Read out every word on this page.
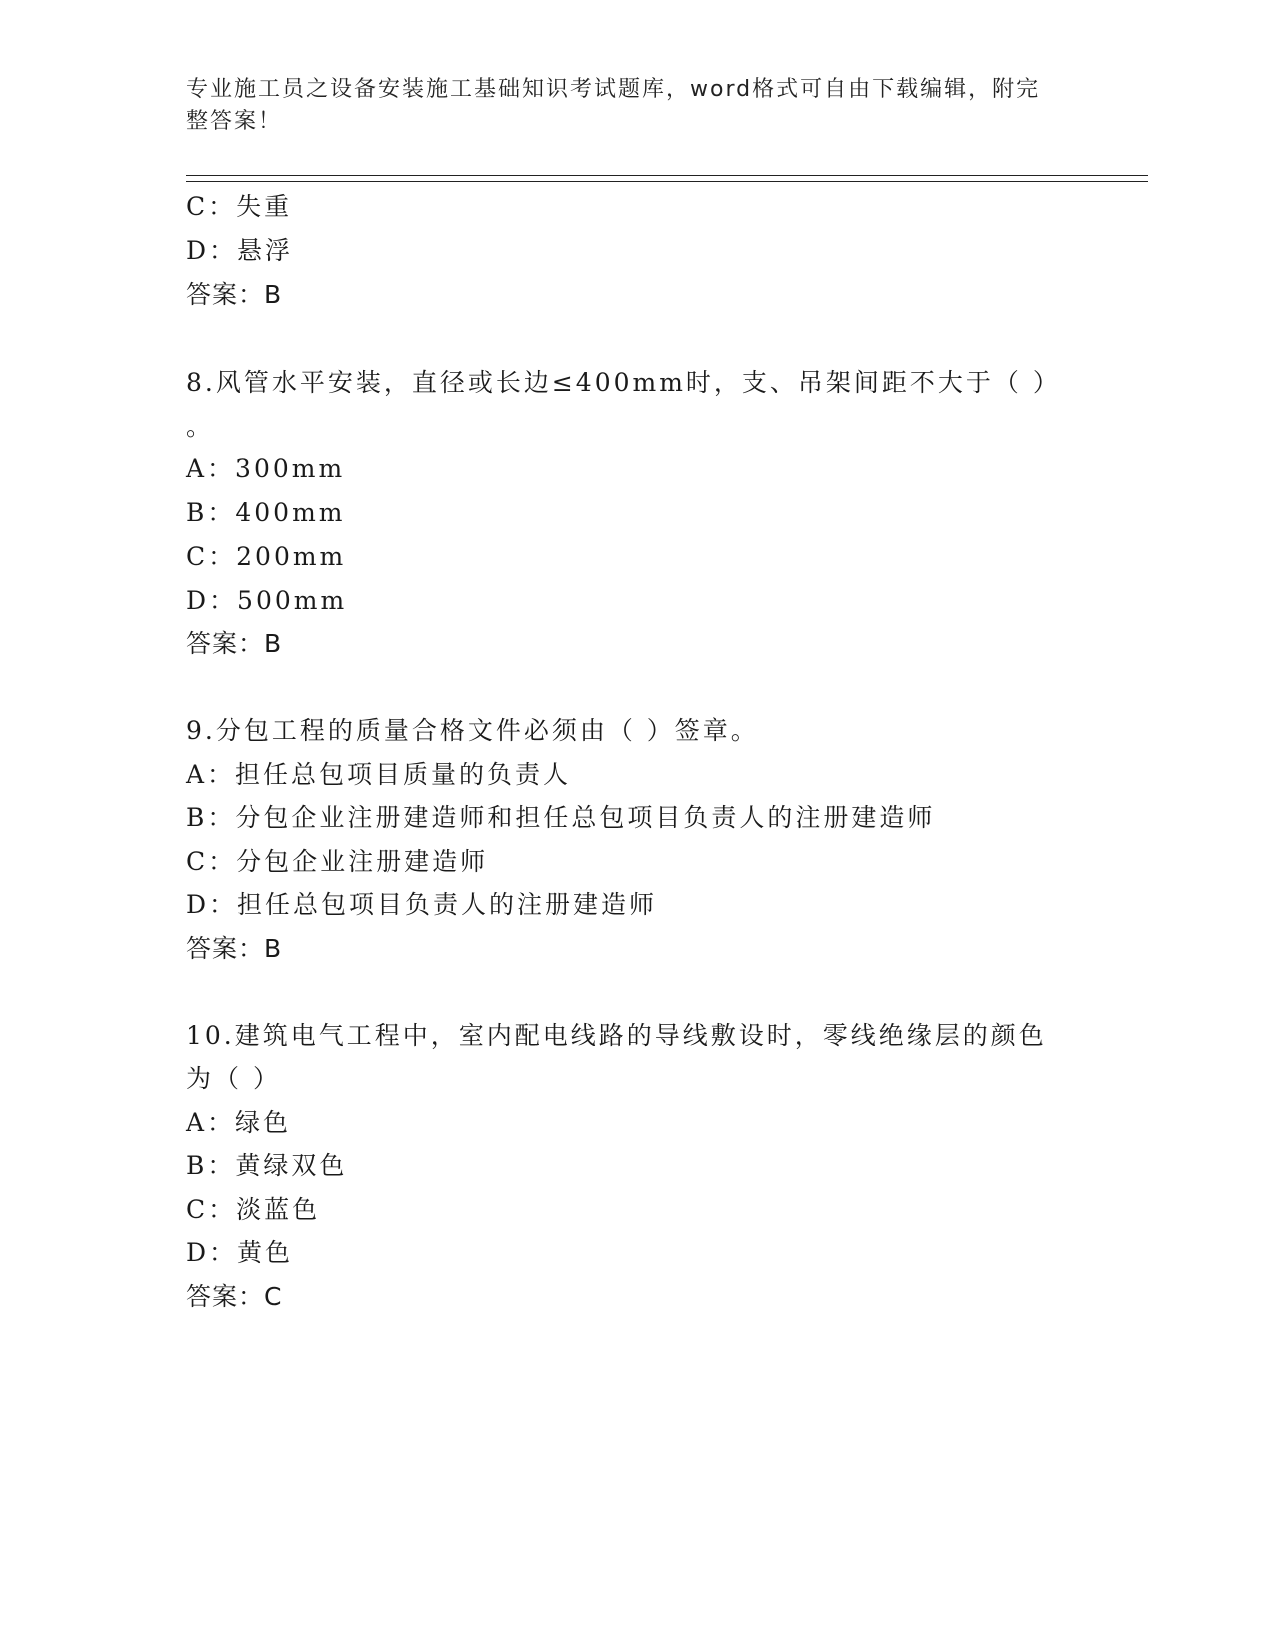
专业施工员之设备安装施工基础知识考试题库，word格式可自由下载编辑，附完
整答案！
C：失重
D：悬浮
答案：B
8.风管水平安装，直径或长边≤400mm时，支、吊架间距不大于（ ）
。
A：300mm
B：400mm
C：200mm
D：500mm
答案：B
9.分包工程的质量合格文件必须由（ ）签章。
A：担任总包项目质量的负责人
B：分包企业注册建造师和担任总包项目负责人的注册建造师
C：分包企业注册建造师
D：担任总包项目负责人的注册建造师
答案：B
10.建筑电气工程中，室内配电线路的导线敷设时，零线绝缘层的颜色
为（ ）
A：绿色
B：黄绿双色
C：淡蓝色
D：黄色
答案：C
